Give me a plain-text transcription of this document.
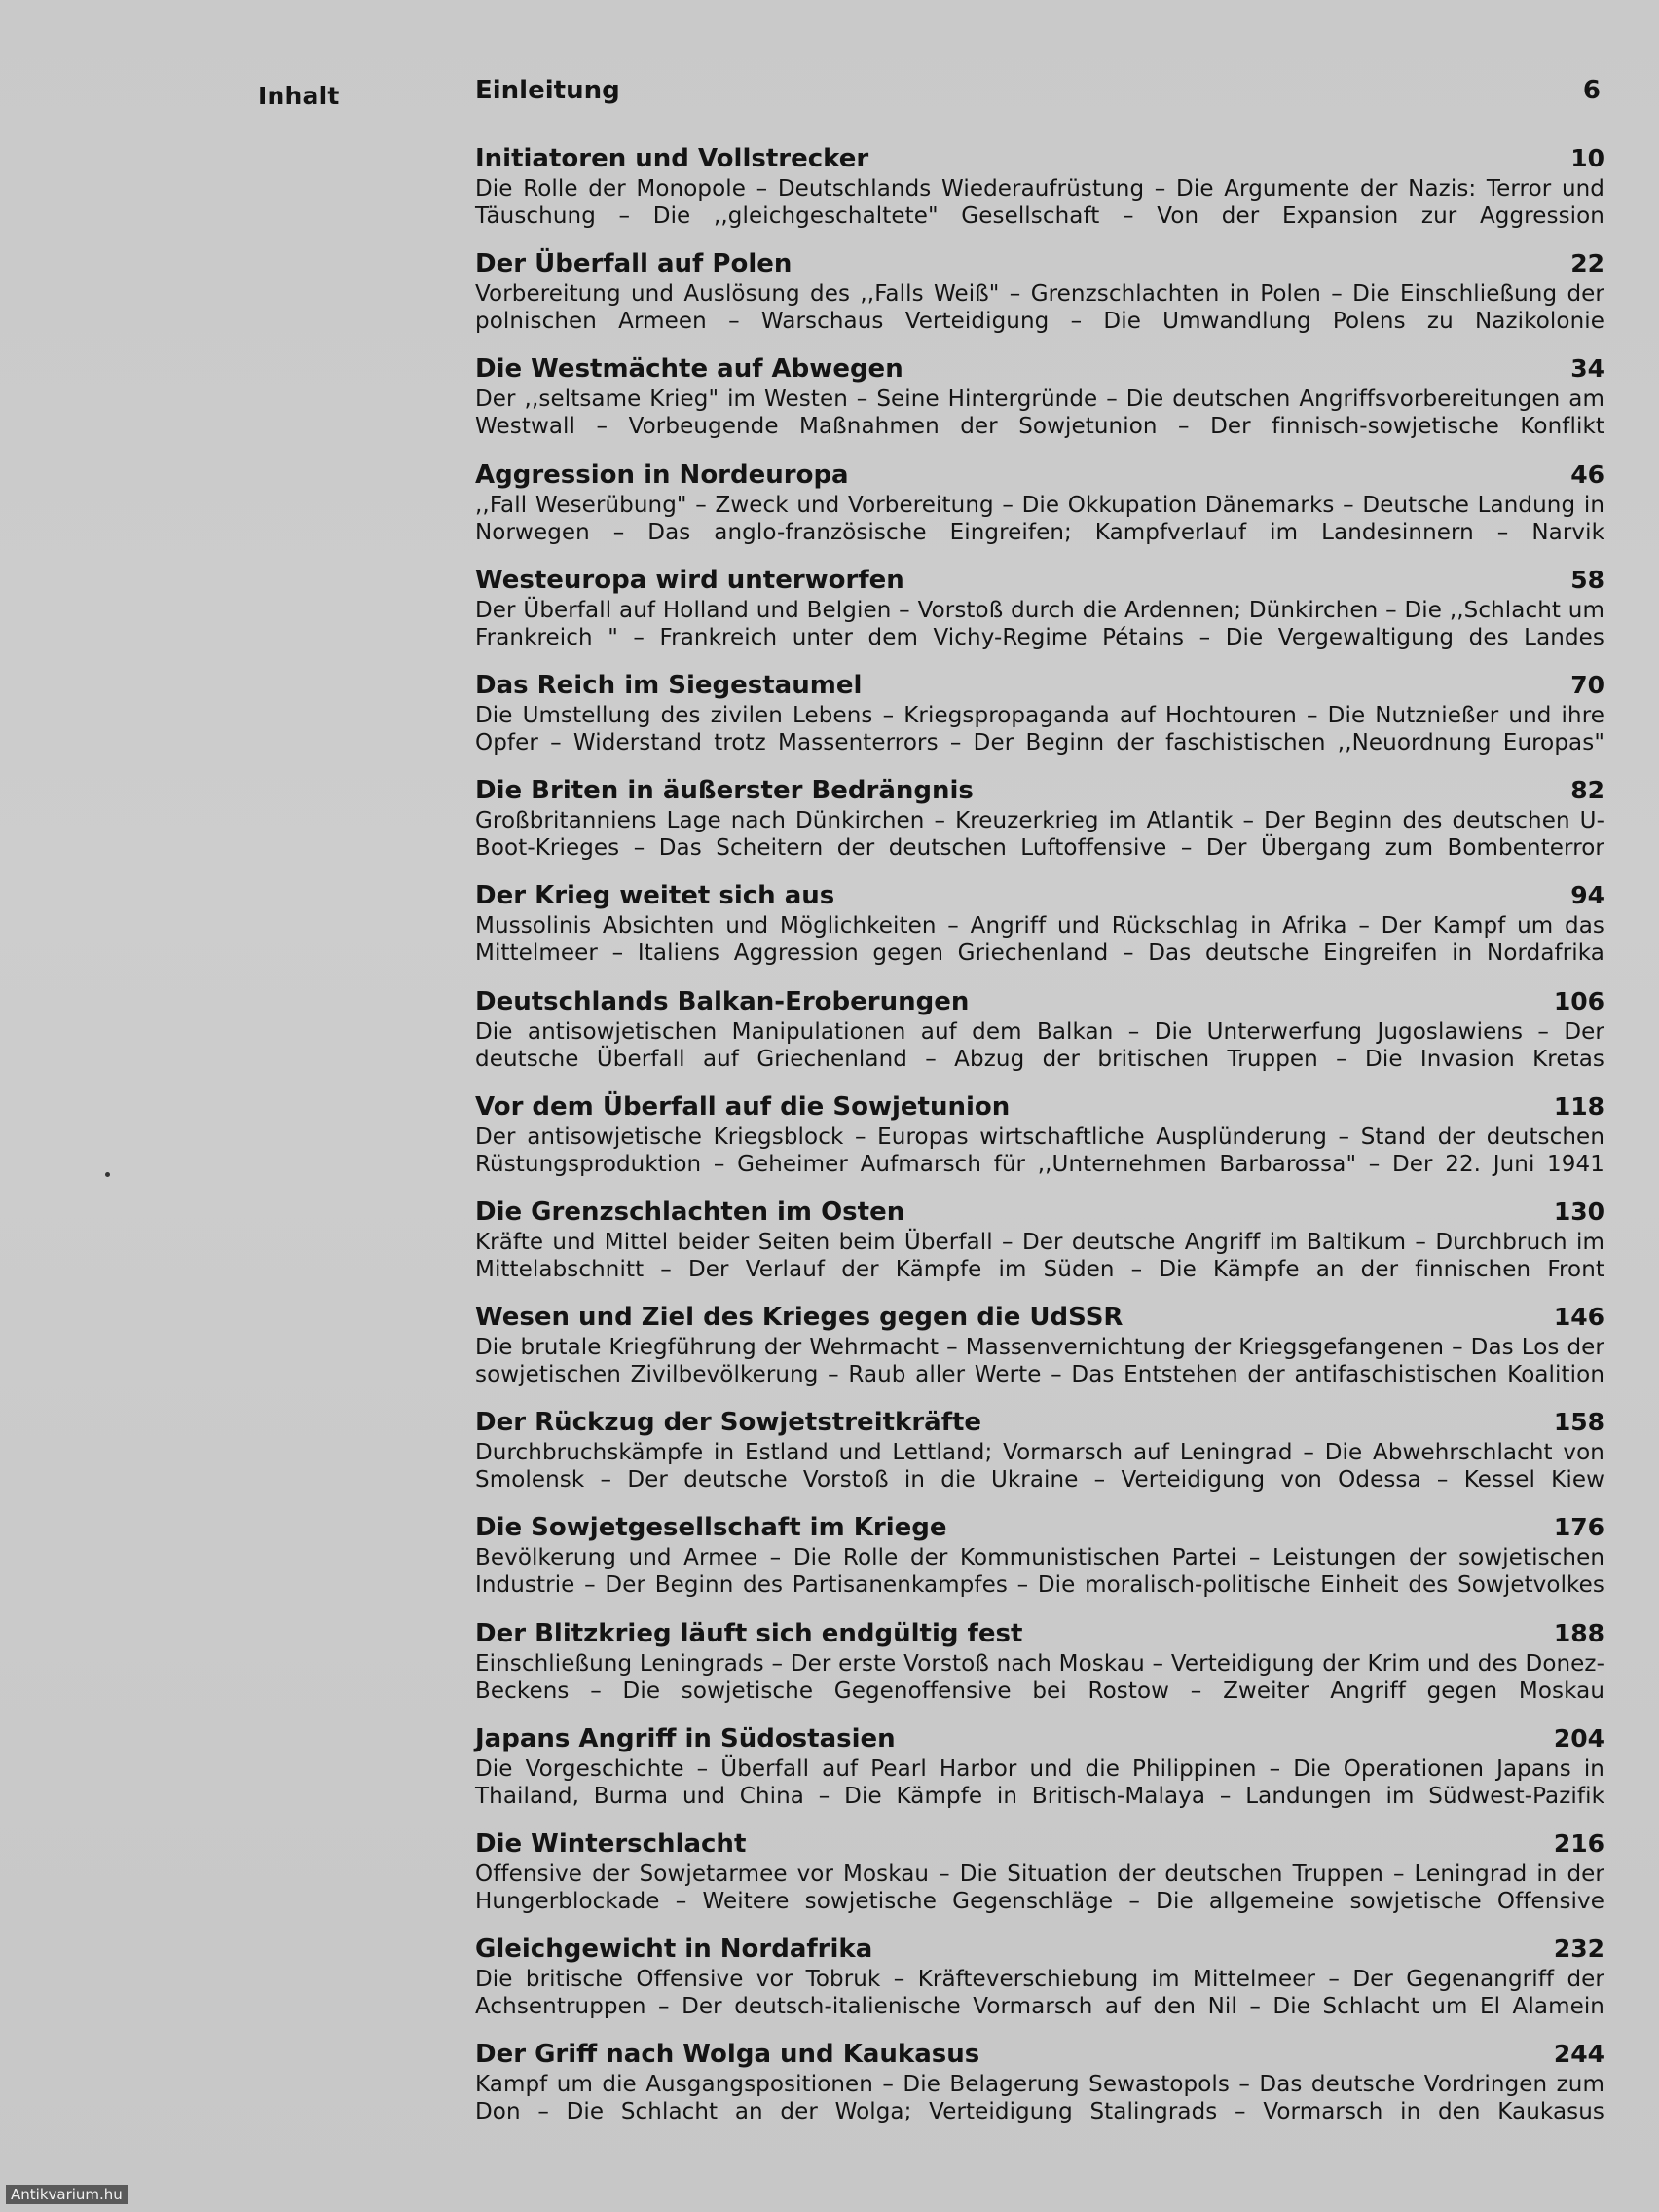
Inhalt	Einleitung	6
Initiatoren und Vollstrecker	10
Die Rolle der Monopole – Deutschlands Wiederaufrüstung – Die Argumente der Nazis: Terror und Täuschung – Die ,,gleichgeschaltete" Gesellschaft – Von der Expansion zur Aggression
Der Überfall auf Polen	22
Vorbereitung und Auslösung des ,,Falls Weiß" – Grenzschlachten in Polen – Die Einschließung der polnischen Armeen – Warschaus Verteidigung – Die Umwandlung Polens zu Nazikolonie
Die Westmächte auf Abwegen	34
Der ,,seltsame Krieg" im Westen – Seine Hintergründe – Die deutschen Angriffsvorbereitungen am Westwall – Vorbeugende Maßnahmen der Sowjetunion – Der finnisch-sowjetische Konflikt
Aggression in Nordeuropa	46
,,Fall Weserübung" – Zweck und Vorbereitung – Die Okkupation Dänemarks – Deutsche Landung in Norwegen – Das anglo-französische Eingreifen; Kampfverlauf im Landesinnern – Narvik
Westeuropa wird unterworfen	58
Der Überfall auf Holland und Belgien – Vorstoß durch die Ardennen; Dünkirchen – Die ,,Schlacht um Frankreich " – Frankreich unter dem Vichy-Regime Pétains – Die Vergewaltigung des Landes
Das Reich im Siegestaumel	70
Die Umstellung des zivilen Lebens – Kriegspropaganda auf Hochtouren – Die Nutznießer und ihre Opfer – Widerstand trotz Massenterrors – Der Beginn der faschistischen ,,Neuordnung Europas"
Die Briten in äußerster Bedrängnis	82
Großbritanniens Lage nach Dünkirchen – Kreuzerkrieg im Atlantik – Der Beginn des deutschen U-Boot-Krieges – Das Scheitern der deutschen Luftoffensive – Der Übergang zum Bombenterror
Der Krieg weitet sich aus	94
Mussolinis Absichten und Möglichkeiten – Angriff und Rückschlag in Afrika – Der Kampf um das Mittelmeer – Italiens Aggression gegen Griechenland – Das deutsche Eingreifen in Nordafrika
Deutschlands Balkan-Eroberungen	106
Die antisowjetischen Manipulationen auf dem Balkan – Die Unterwerfung Jugoslawiens – Der deutsche Überfall auf Griechenland – Abzug der britischen Truppen – Die Invasion Kretas
Vor dem Überfall auf die Sowjetunion	118
Der antisowjetische Kriegsblock – Europas wirtschaftliche Ausplünderung – Stand der deutschen Rüstungsproduktion – Geheimer Aufmarsch für ,,Unternehmen Barbarossa" – Der 22. Juni 1941
Die Grenzschlachten im Osten	130
Kräfte und Mittel beider Seiten beim Überfall – Der deutsche Angriff im Baltikum – Durchbruch im Mittelabschnitt – Der Verlauf der Kämpfe im Süden – Die Kämpfe an der finnischen Front
Wesen und Ziel des Krieges gegen die UdSSR	146
Die brutale Kriegführung der Wehrmacht – Massenvernichtung der Kriegsgefangenen – Das Los der sowjetischen Zivilbevölkerung – Raub aller Werte – Das Entstehen der antifaschistischen Koalition
Der Rückzug der Sowjetstreitkräfte	158
Durchbruchskämpfe in Estland und Lettland; Vormarsch auf Leningrad – Die Abwehrschlacht von Smolensk – Der deutsche Vorstoß in die Ukraine – Verteidigung von Odessa – Kessel Kiew
Die Sowjetgesellschaft im Kriege	176
Bevölkerung und Armee – Die Rolle der Kommunistischen Partei – Leistungen der sowjetischen Industrie – Der Beginn des Partisanenkampfes – Die moralisch-politische Einheit des Sowjetvolkes
Der Blitzkrieg läuft sich endgültig fest	188
Einschließung Leningrads – Der erste Vorstoß nach Moskau – Verteidigung der Krim und des Donez-Beckens – Die sowjetische Gegenoffensive bei Rostow – Zweiter Angriff gegen Moskau
Japans Angriff in Südostasien	204
Die Vorgeschichte – Überfall auf Pearl Harbor und die Philippinen – Die Operationen Japans in Thailand, Burma und China – Die Kämpfe in Britisch-Malaya – Landungen im Südwest-Pazifik
Die Winterschlacht	216
Offensive der Sowjetarmee vor Moskau – Die Situation der deutschen Truppen – Leningrad in der Hungerblockade – Weitere sowjetische Gegenschläge – Die allgemeine sowjetische Offensive
Gleichgewicht in Nordafrika	232
Die britische Offensive vor Tobruk – Kräfteverschiebung im Mittelmeer – Der Gegenangriff der Achsentruppen – Der deutsch-italienische Vormarsch auf den Nil – Die Schlacht um El Alamein
Der Griff nach Wolga und Kaukasus	244
Kampf um die Ausgangspositionen – Die Belagerung Sewastopols – Das deutsche Vordringen zum Don – Die Schlacht an der Wolga; Verteidigung Stalingrads – Vormarsch in den Kaukasus
Antikvarium.hu
